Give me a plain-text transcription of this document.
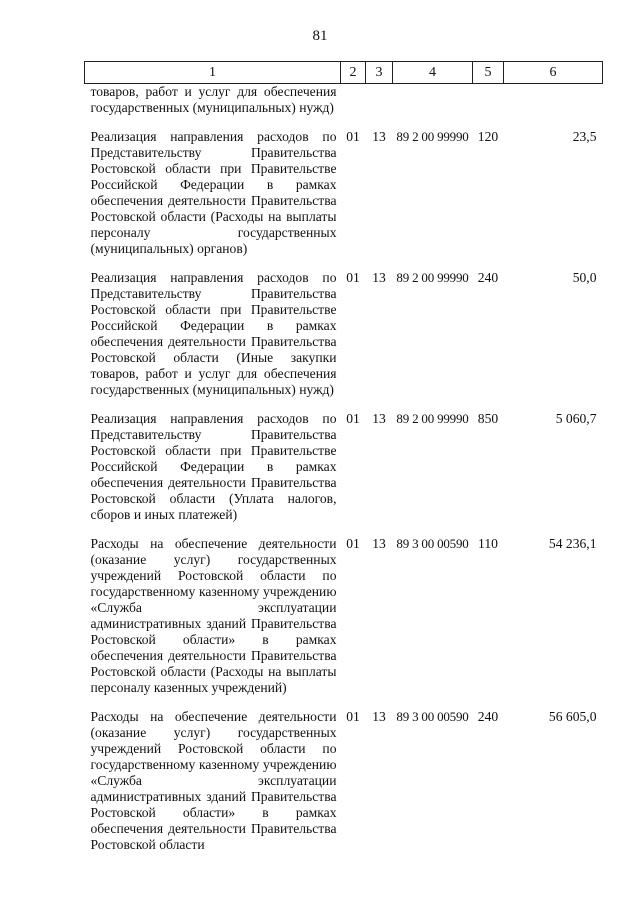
81
1	2	3	4	5	6
товаров, работ и услуг для обеспечения государственных (муниципальных) нужд)					
Реализация направления расходов по Представительству Правительства Ростовской области при Правительстве Российской Федерации в рамках обеспечения деятельности Правительства Ростовской области (Расходы на выплаты персоналу государственных (муниципальных) органов)	01	13	89 2 00 99990	120	23,5
Реализация направления расходов по Представительству Правительства Ростовской области при Правительстве Российской Федерации в рамках обеспечения деятельности Правительства Ростовской области (Иные закупки товаров, работ и услуг для обеспечения государственных (муниципальных) нужд)	01	13	89 2 00 99990	240	50,0
Реализация направления расходов по Представительству Правительства Ростовской области при Правительстве Российской Федерации в рамках обеспечения деятельности Правительства Ростовской области (Уплата налогов, сборов и иных платежей)	01	13	89 2 00 99990	850	5 060,7
Расходы на обеспечение деятельности (оказание услуг) государственных учреждений Ростовской области по государственному казенному учреждению «Служба эксплуатации административных зданий Правительства Ростовской области» в рамках обеспечения деятельности Правительства Ростовской области (Расходы на выплаты персоналу казенных учреждений)	01	13	89 3 00 00590	110	54 236,1
Расходы на обеспечение деятельности (оказание услуг) государственных учреждений Ростовской области по государственному казенному учреждению «Служба эксплуатации административных зданий Правительства Ростовской области» в рамках обеспечения деятельности Правительства Ростовской области	01	13	89 3 00 00590	240	56 605,0
